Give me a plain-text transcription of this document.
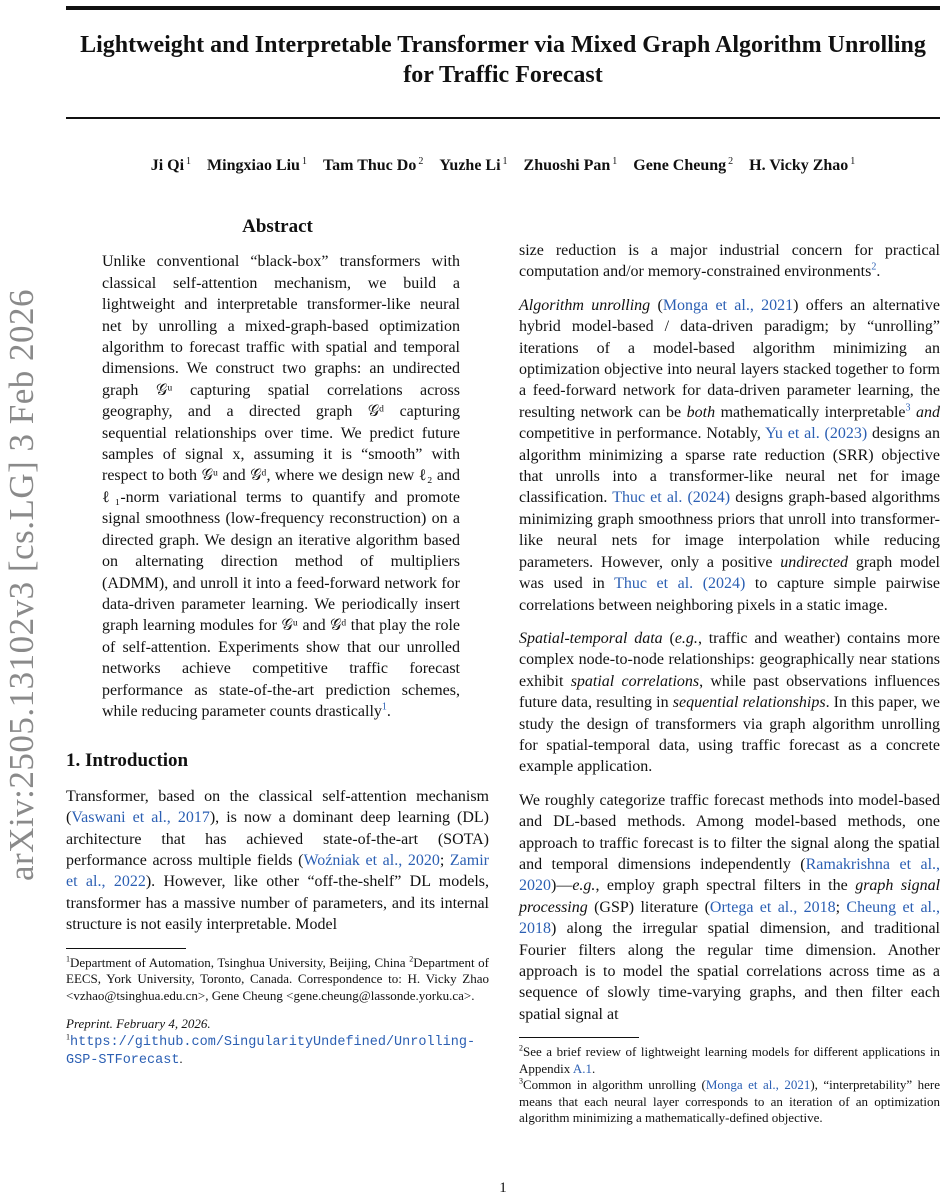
arXiv:2505.13102v3 [cs.LG] 3 Feb 2026
Lightweight and Interpretable Transformer via Mixed Graph Algorithm Unrolling for Traffic Forecast
Ji Qi $^1$ Mingxiao Liu $^1$ Tam Thuc Do $^2$ Yuzhe Li $^1$ Zhuoshi Pan $^1$ Gene Cheung $^2$ H. Vicky Zhao $^1$
Abstract

Unlike conventional “black-box” transformers with classical self-attention mechanism, we build a lightweight and interpretable transformer-like neural net by unrolling a mixed-graph-based optimization algorithm to forecast traffic with spatial and temporal dimensions. We construct two graphs: an undirected graph 𝒢ᵘ capturing spatial correlations across geography, and a directed graph 𝒢ᵈ capturing sequential relationships over time. We predict future samples of signal x, assuming it is “smooth” with respect to both 𝒢ᵘ and 𝒢ᵈ, where we design new ℓ₂ and ℓ₁-norm variational terms to quantify and promote signal smoothness (low-frequency reconstruction) on a directed graph. We design an iterative algorithm based on alternating direction method of multipliers (ADMM), and unroll it into a feed-forward network for data-driven parameter learning. We periodically insert graph learning modules for 𝒢ᵘ and 𝒢ᵈ that play the role of self-attention. Experiments show that our unrolled networks achieve competitive traffic forecast performance as state-of-the-art prediction schemes, while reducing parameter counts drastically$^1$.

1. Introduction

Transformer, based on the classical self-attention mechanism (Vaswani et al., 2017), is now a dominant deep learning (DL) architecture that has achieved state-of-the-art (SOTA) performance across multiple fields (Woźniak et al., 2020; Zamir et al., 2022). However, like other “off-the-shelf” DL models, transformer has a massive number of parameters, and its internal structure is not easily interpretable. Model

$^1$Department of Automation, Tsinghua University, Beijing, China $^2$Department of EECS, York University, Toronto, Canada. Correspondence to: H. Vicky Zhao <vzhao@tsinghua.edu.cn>, Gene Cheung <gene.cheung@lassonde.yorku.ca>.

Preprint. February 4, 2026.

$^1$https://github.com/SingularityUndefined/Unrolling-GSP-STForecast.

size reduction is a major industrial concern for practical computation and/or memory-constrained environments$^2$.

Algorithm unrolling (Monga et al., 2021) offers an alternative hybrid model-based / data-driven paradigm; by “unrolling” iterations of a model-based algorithm minimizing an optimization objective into neural layers stacked together to form a feed-forward network for data-driven parameter learning, the resulting network can be both mathematically interpretable$^3$ and competitive in performance. Notably, Yu et al. (2023) designs an algorithm minimizing a sparse rate reduction (SRR) objective that unrolls into a transformer-like neural net for image classification. Thuc et al. (2024) designs graph-based algorithms minimizing graph smoothness priors that unroll into transformer-like neural nets for image interpolation while reducing parameters. However, only a positive undirected graph model was used in Thuc et al. (2024) to capture simple pairwise correlations between neighboring pixels in a static image.

Spatial-temporal data (e.g., traffic and weather) contains more complex node-to-node relationships: geographically near stations exhibit spatial correlations, while past observations influences future data, resulting in sequential relationships. In this paper, we study the design of transformers via graph algorithm unrolling for spatial-temporal data, using traffic forecast as a concrete example application.

We roughly categorize traffic forecast methods into model-based and DL-based methods. Among model-based methods, one approach to traffic forecast is to filter the signal along the spatial and temporal dimensions independently (Ramakrishna et al., 2020)—e.g., employ graph spectral filters in the graph signal processing (GSP) literature (Ortega et al., 2018; Cheung et al., 2018) along the irregular spatial dimension, and traditional Fourier filters along the regular time dimension. Another approach is to model the spatial correlations across time as a sequence of slowly time-varying graphs, and then filter each spatial signal at

$^2$See a brief review of lightweight learning models for different applications in Appendix A.1.

$^3$Common in algorithm unrolling (Monga et al., 2021), “interpretability” here means that each neural layer corresponds to an iteration of an optimization algorithm minimizing a mathematically-defined objective.

1
